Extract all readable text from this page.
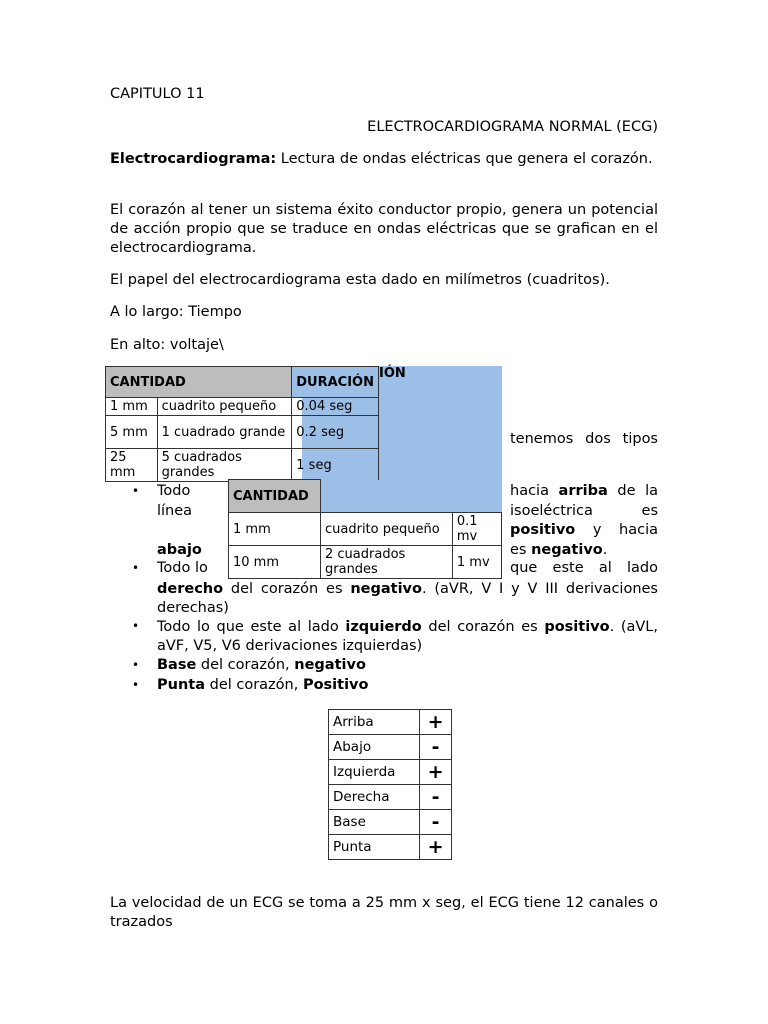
CAPITULO 11
ELECTROCARDIOGRAMA NORMAL (ECG)
Electrocardiograma: Lectura de ondas eléctricas que genera el corazón.
El corazón al tener un sistema éxito conductor propio, genera un potencial de acción propio que se traduce en ondas eléctricas que se grafican en el electrocardiograma.
El papel del electrocardiograma esta dado en milímetros (cuadritos).
A lo largo: Tiempo
En alto: voltaje\
IÓN
CANTIDAD		DURACIÓN
1 mm	cuadrito pequeño	0.04 seg
5 mm	1 cuadrado grande	0.2 seg
25 mm	5 cuadrados grandes	1 seg
CANTIDAD		
1 mm	cuadrito pequeño	0.1 mv
10 mm	2 cuadrados grandes	1 mv
tenemos dos tipos
• Todo
línea
abajo
hacia arriba de la
isoeléctrica es
positivo y hacia
es negativo.
• Todo lo	que este al lado
derecho del corazón es negativo. (aVR, V I y V III derivaciones derechas)
• Todo lo que este al lado izquierdo del corazón es positivo. (aVL, aVF, V5, V6 derivaciones izquierdas)
• Base del corazón, negativo
• Punta del corazón, Positivo
Arriba	+
Abajo	-
Izquierda	+
Derecha	-
Base	-
Punta	+
La velocidad de un ECG se toma a 25 mm x seg, el ECG tiene 12 canales o trazados
